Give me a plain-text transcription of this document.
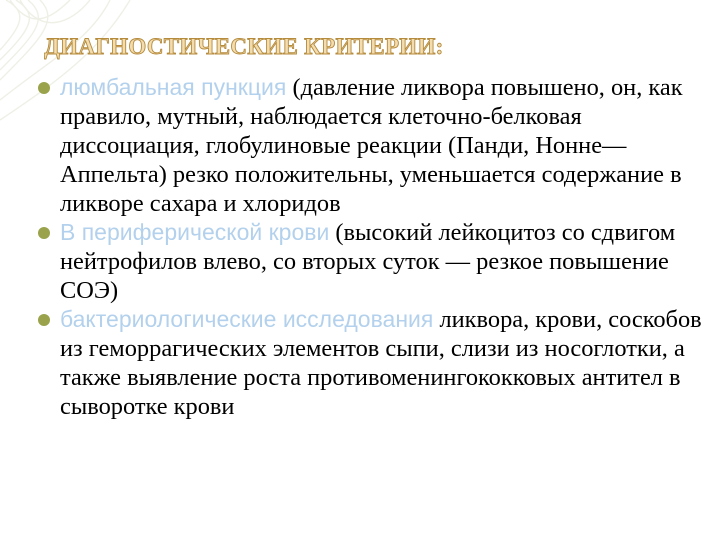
ДИАГНОСТИЧЕСКИЕ КРИТЕРИИ:
люмбальная пункция (давление ликвора повышено, он, как правило, мутный, наблюдается клеточно-белковая диссоциация, глобулиновые реакции (Панди, Нонне— Аппельта) резко положительны, уменьшается содержание в ликворе сахара и хлоридов
В периферической крови (высокий лейкоцитоз со сдвигом нейтрофилов влево, со вторых суток — резкое повышение СОЭ)
бактериологические исследования ликвора, крови, соскобов из геморрагических элементов сыпи, слизи из носоглотки, а также выявление роста противоменингококковых антител в сыворотке крови
